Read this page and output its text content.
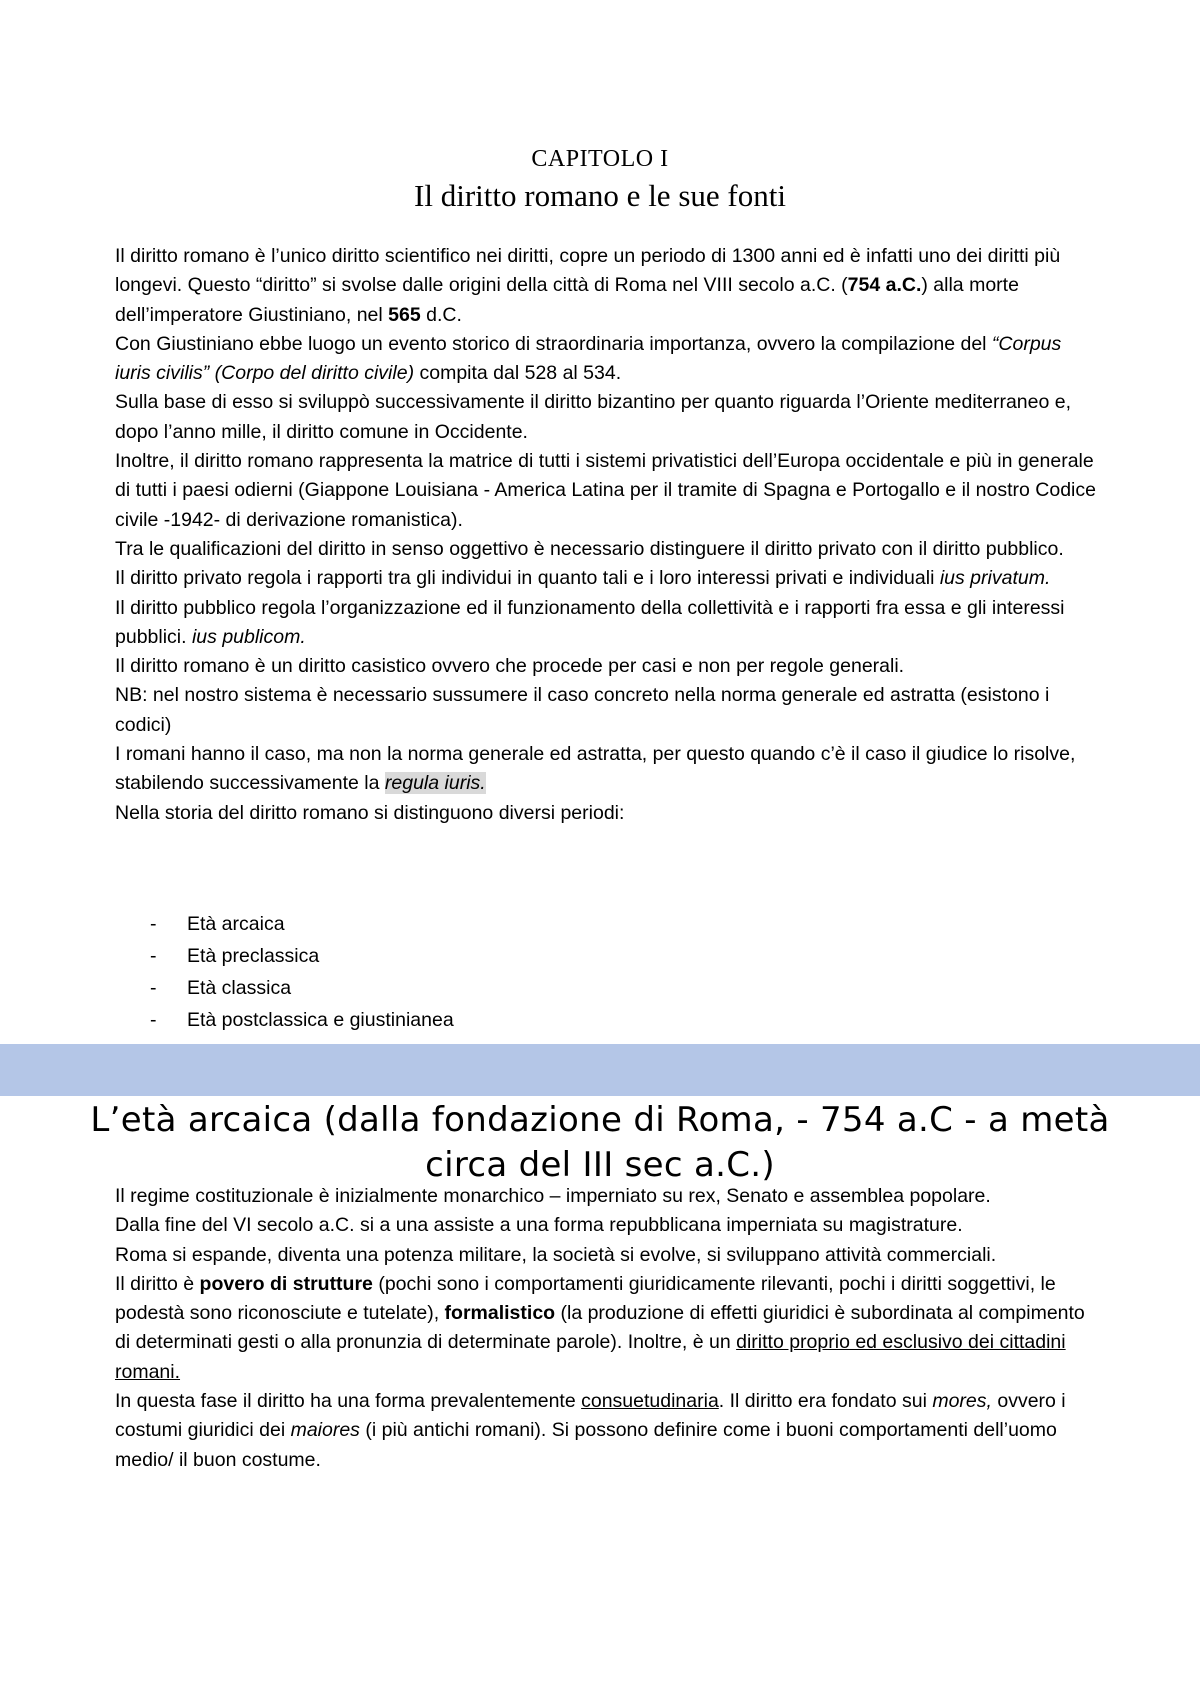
CAPITOLO I
Il diritto romano e le sue fonti

Il diritto romano è l’unico diritto scientifico nei diritti, copre un periodo di 1300 anni ed è infatti uno dei diritti più longevi. Questo “diritto” si svolse dalle origini della città di Roma nel VIII secolo a.C. (754 a.C.) alla morte dell’imperatore Giustiniano, nel 565 d.C.

Con Giustiniano ebbe luogo un evento storico di straordinaria importanza, ovvero la compilazione del “Corpus iuris civilis” (Corpo del diritto civile) compita dal 528 al 534.

Sulla base di esso si sviluppò successivamente il diritto bizantino per quanto riguarda l’Oriente mediterraneo e, dopo l’anno mille, il diritto comune in Occidente.

Inoltre, il diritto romano rappresenta la matrice di tutti i sistemi privatistici dell’Europa occidentale e più in generale di tutti i paesi odierni (Giappone Louisiana - America Latina per il tramite di Spagna e Portogallo e il nostro Codice civile -1942- di derivazione romanistica).

Tra le qualificazioni del diritto in senso oggettivo è necessario distinguere il diritto privato con il diritto pubblico.

Il diritto privato regola i rapporti tra gli individui in quanto tali e i loro interessi privati e individuali ius privatum.

Il diritto pubblico regola l’organizzazione ed il funzionamento della collettività e i rapporti fra essa e gli interessi pubblici. ius publicom.

Il diritto romano è un diritto casistico ovvero che procede per casi e non per regole generali.

NB: nel nostro sistema è necessario sussumere il caso concreto nella norma generale ed astratta (esistono i codici)

I romani hanno il caso, ma non la norma generale ed astratta, per questo quando c’è il caso il giudice lo risolve, stabilendo successivamente la regula iuris.

Nella storia del diritto romano si distinguono diversi periodi:

-	Età arcaica
-	Età preclassica
-	Età classica
-	Età postclassica e giustinianea
L’età arcaica (dalla fondazione di Roma, - 754 a.C - a metà circa del III sec a.C.)

Il regime costituzionale è inizialmente monarchico – imperniato su rex, Senato e assemblea popolare.

Dalla fine del VI secolo a.C. si a una assiste a una forma repubblicana imperniata su magistrature.

Roma si espande, diventa una potenza militare, la società si evolve, si sviluppano attività commerciali.

Il diritto è povero di strutture (pochi sono i comportamenti giuridicamente rilevanti, pochi i diritti soggettivi, le podestà sono riconosciute e tutelate), formalistico (la produzione di effetti giuridici è subordinata al compimento di determinati gesti o alla pronunzia di determinate parole). Inoltre, è un diritto proprio ed esclusivo dei cittadini romani.

In questa fase il diritto ha una forma prevalentemente consuetudinaria. Il diritto era fondato sui mores, ovvero i costumi giuridici dei maiores (i più antichi romani). Si possono definire come i buoni comportamenti dell’uomo medio/ il buon costume.
